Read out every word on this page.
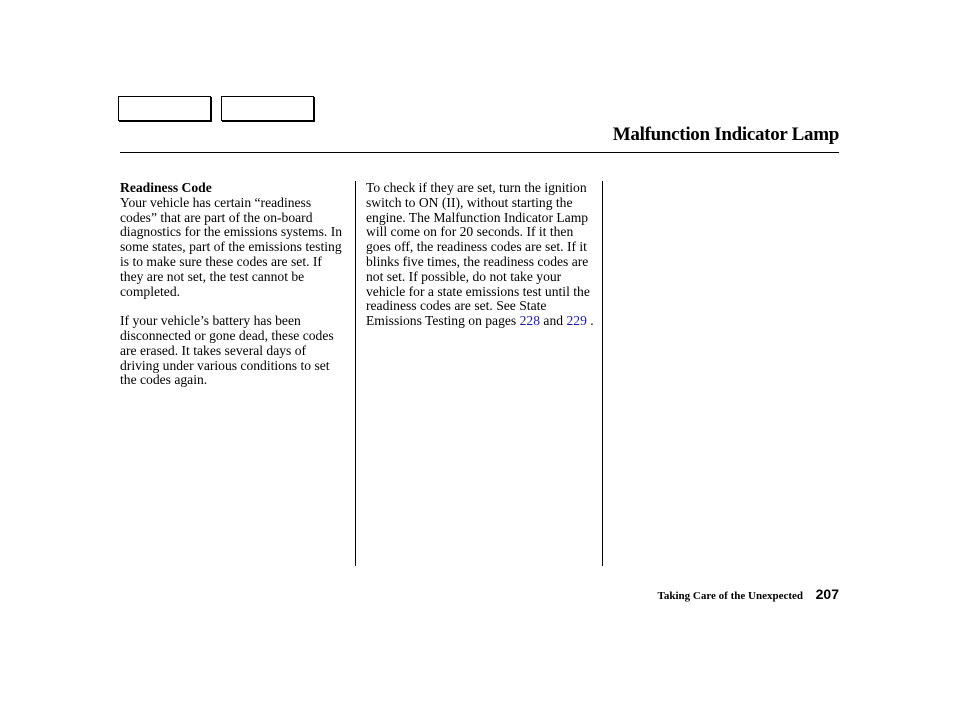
Malfunction Indicator Lamp

Readiness Code
Your vehicle has certain “readiness codes” that are part of the on-board diagnostics for the emissions systems. In some states, part of the emissions testing is to make sure these codes are set. If they are not set, the test cannot be completed.

If your vehicle’s battery has been disconnected or gone dead, these codes are erased. It takes several days of driving under various conditions to set the codes again.

To check if they are set, turn the ignition switch to ON (II), without starting the engine. The Malfunction Indicator Lamp will come on for 20 seconds. If it then goes off, the readiness codes are set. If it blinks five times, the readiness codes are not set. If possible, do not take your vehicle for a state emissions test until the readiness codes are set. See State Emissions Testing on pages 228 and 229 .

Taking Care of the Unexpected 207
